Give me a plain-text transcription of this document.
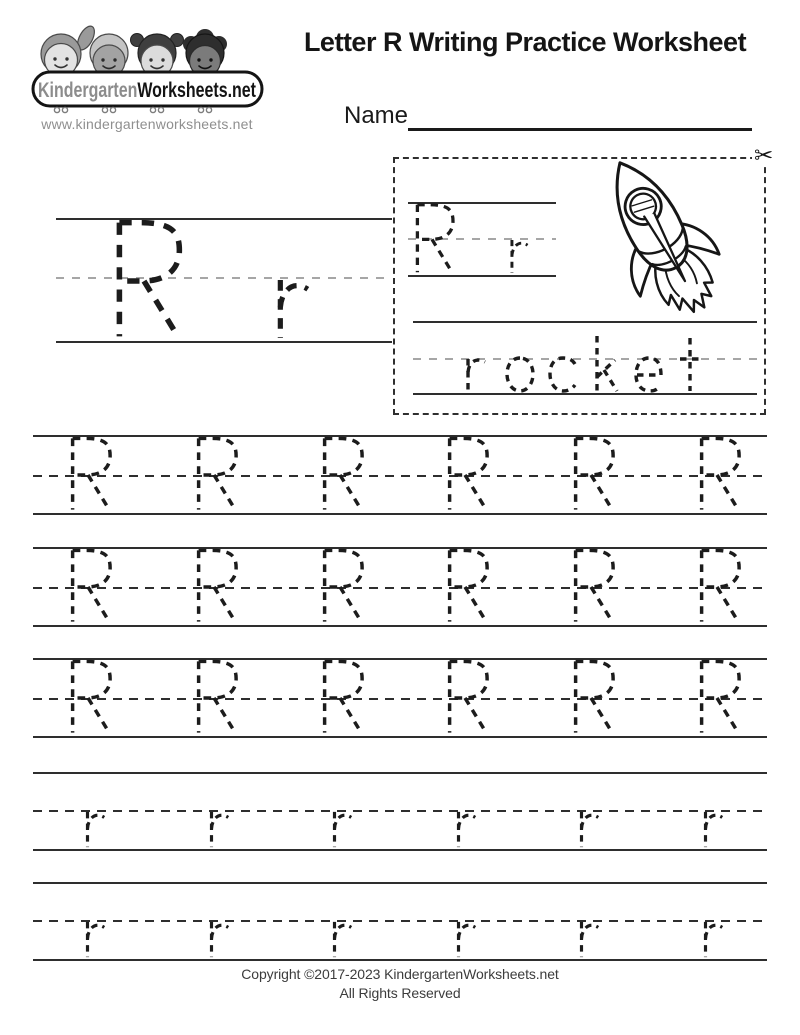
KindergartenWorksheets.net
www.kindergartenworksheets.net
Letter R Writing Practice Worksheet
Name
✂
Copyright ©2017-2023 KindergartenWorksheets.net
All Rights Reserved
